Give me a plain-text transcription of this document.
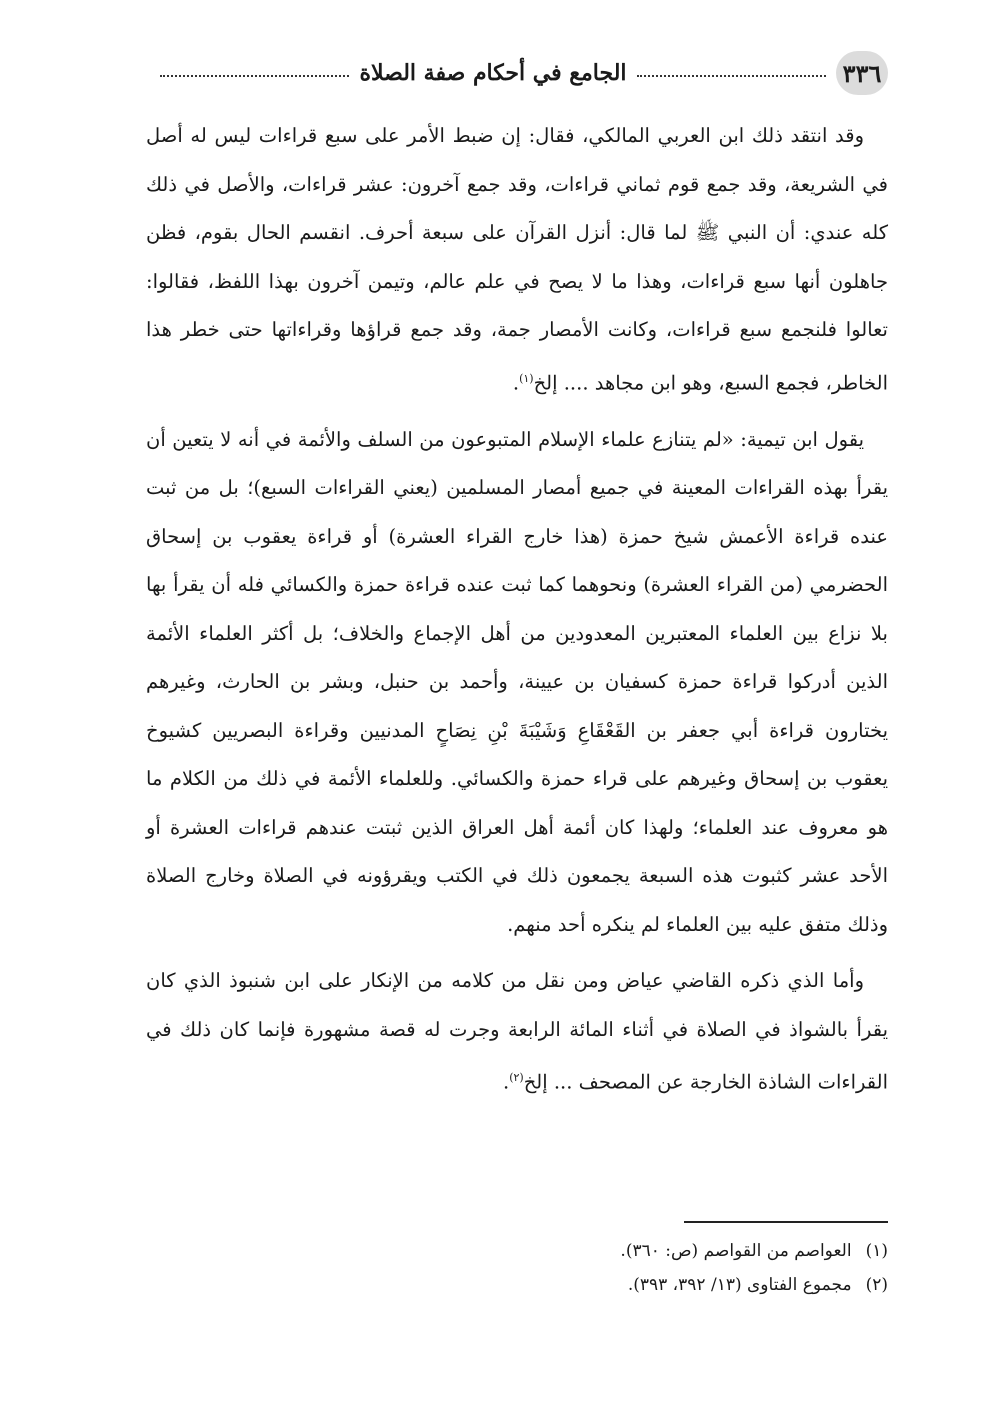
٣٣٦
الجامع في أحكام صفة الصلاة

وقد انتقد ذلك ابن العربي المالكي، فقال: إن ضبط الأمر على سبع قراءات ليس له أصل في الشريعة، وقد جمع قوم ثماني قراءات، وقد جمع آخرون: عشر قراءات، والأصل في ذلك كله عندي: أن النبي ﷺ لما قال: أنزل القرآن على سبعة أحرف. انقسم الحال بقوم، فظن جاهلون أنها سبع قراءات، وهذا ما لا يصح في علم عالم، وتيمن آخرون بهذا اللفظ، فقالوا: تعالوا فلنجمع سبع قراءات، وكانت الأمصار جمة، وقد جمع قراؤها وقراءاتها حتى خطر هذا الخاطر، فجمع السبع، وهو ابن مجاهد .... إلخ$^{(١)}$.

يقول ابن تيمية: «لم يتنازع علماء الإسلام المتبوعون من السلف والأئمة في أنه لا يتعين أن يقرأ بهذه القراءات المعينة في جميع أمصار المسلمين (يعني القراءات السبع)؛ بل من ثبت عنده قراءة الأعمش شيخ حمزة (هذا خارج القراء العشرة) أو قراءة يعقوب بن إسحاق الحضرمي (من القراء العشرة) ونحوهما كما ثبت عنده قراءة حمزة والكسائي فله أن يقرأ بها بلا نزاع بين العلماء المعتبرين المعدودين من أهل الإجماع والخلاف؛ بل أكثر العلماء الأئمة الذين أدركوا قراءة حمزة كسفيان بن عيينة، وأحمد بن حنبل، وبشر بن الحارث، وغيرهم يختارون قراءة أبي جعفر بن القَعْقَاعِ وَشَيْبَةَ بْنِ نِصَاحٍ المدنيين وقراءة البصريين كشيوخ يعقوب بن إسحاق وغيرهم على قراء حمزة والكسائي. وللعلماء الأئمة في ذلك من الكلام ما هو معروف عند العلماء؛ ولهذا كان أئمة أهل العراق الذين ثبتت عندهم قراءات العشرة أو الأحد عشر كثبوت هذه السبعة يجمعون ذلك في الكتب ويقرؤونه في الصلاة وخارج الصلاة وذلك متفق عليه بين العلماء لم ينكره أحد منهم.

وأما الذي ذكره القاضي عياض ومن نقل من كلامه من الإنكار على ابن شنبوذ الذي كان يقرأ بالشواذ في الصلاة في أثناء المائة الرابعة وجرت له قصة مشهورة فإنما كان ذلك في القراءات الشاذة الخارجة عن المصحف ... إلخ$^{(٢)}$.

(١)
العواصم من القواصم (ص: ٣٦٠).
(٢)
مجموع الفتاوى (١٣/ ٣٩٢، ٣٩٣).
